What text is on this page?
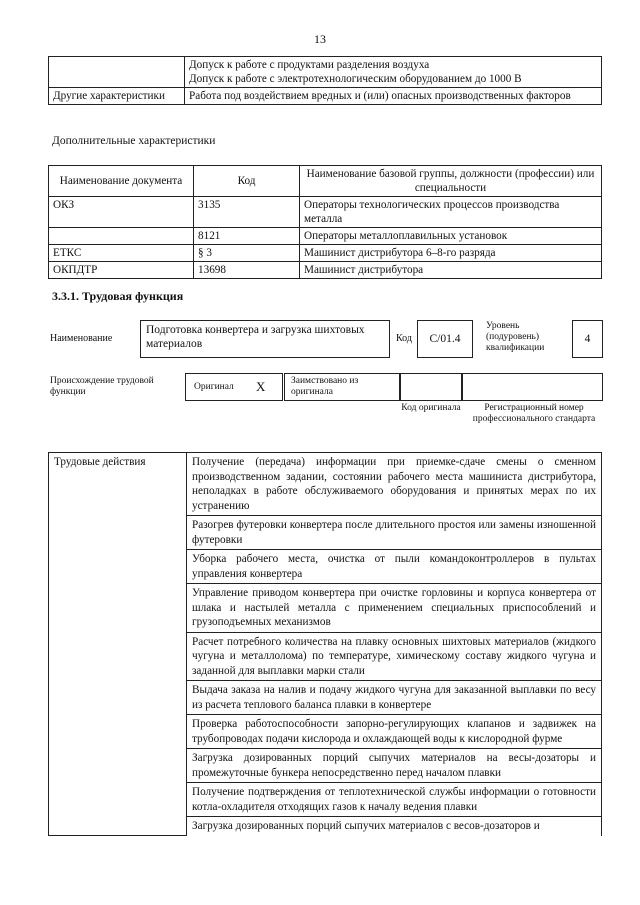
13

	Допуск к работе с продуктами разделения воздуха
Допуск к работе с электротехнологическим оборудованием до 1000 В

Другие характеристики	Работа под воздействием вредных и (или) опасных производственных факторов
Дополнительные характеристики
Наименование документа	Код	Наименование базовой группы, должности (профессии) или специальности
ОКЗ	3135	Операторы технологических процессов производства металла
	8121	Операторы металлоплавильных установок
ЕТКС	§ 3	Машинист дистрибутора 6–8-го разряда
ОКПДТР	13698	Машинист дистрибутора
3.3.1. Трудовая функция
Наименование
Подготовка конвертера и загрузка шихтовых материалов	Код	С/01.4
Уровень (подуровень) квалификации
4
Происхождение трудовой функции	Оригинал X	Заимствовано из оригинала
Код оригинала	Регистрационный номер профессионального стандарта
Трудовые действия	Получение (передача) информации при приемке-сдаче смены о сменном производственном задании, состоянии рабочего места машиниста дистрибутора, неполадках в работе обслуживаемого оборудования и принятых мерах по их устранению
Разогрев футеровки конвертера после длительного простоя или замены изношенной футеровки
Уборка рабочего места, очистка от пыли командоконтроллеров в пультах управления конвертера
Управление приводом конвертера при очистке горловины и корпуса конвертера от шлака и настылей металла с применением специальных приспособлений и грузоподъемных механизмов
Расчет потребного количества на плавку основных шихтовых материалов (жидкого чугуна и металлолома) по температуре, химическому составу жидкого чугуна и заданной для выплавки марки стали
Выдача заказа на налив и подачу жидкого чугуна для заказанной выплавки по весу из расчета теплового баланса плавки в конвертере
Проверка работоспособности запорно-регулирующих клапанов и задвижек на трубопроводах подачи кислорода и охлаждающей воды к кислородной фурме
Загрузка дозированных порций сыпучих материалов на весы-дозаторы и промежуточные бункера непосредственно перед началом плавки
Получение подтверждения от теплотехнической службы информации о готовности котла-охладителя отходящих газов к началу ведения плавки
Загрузка дозированных порций сыпучих материалов с весов-дозаторов и
